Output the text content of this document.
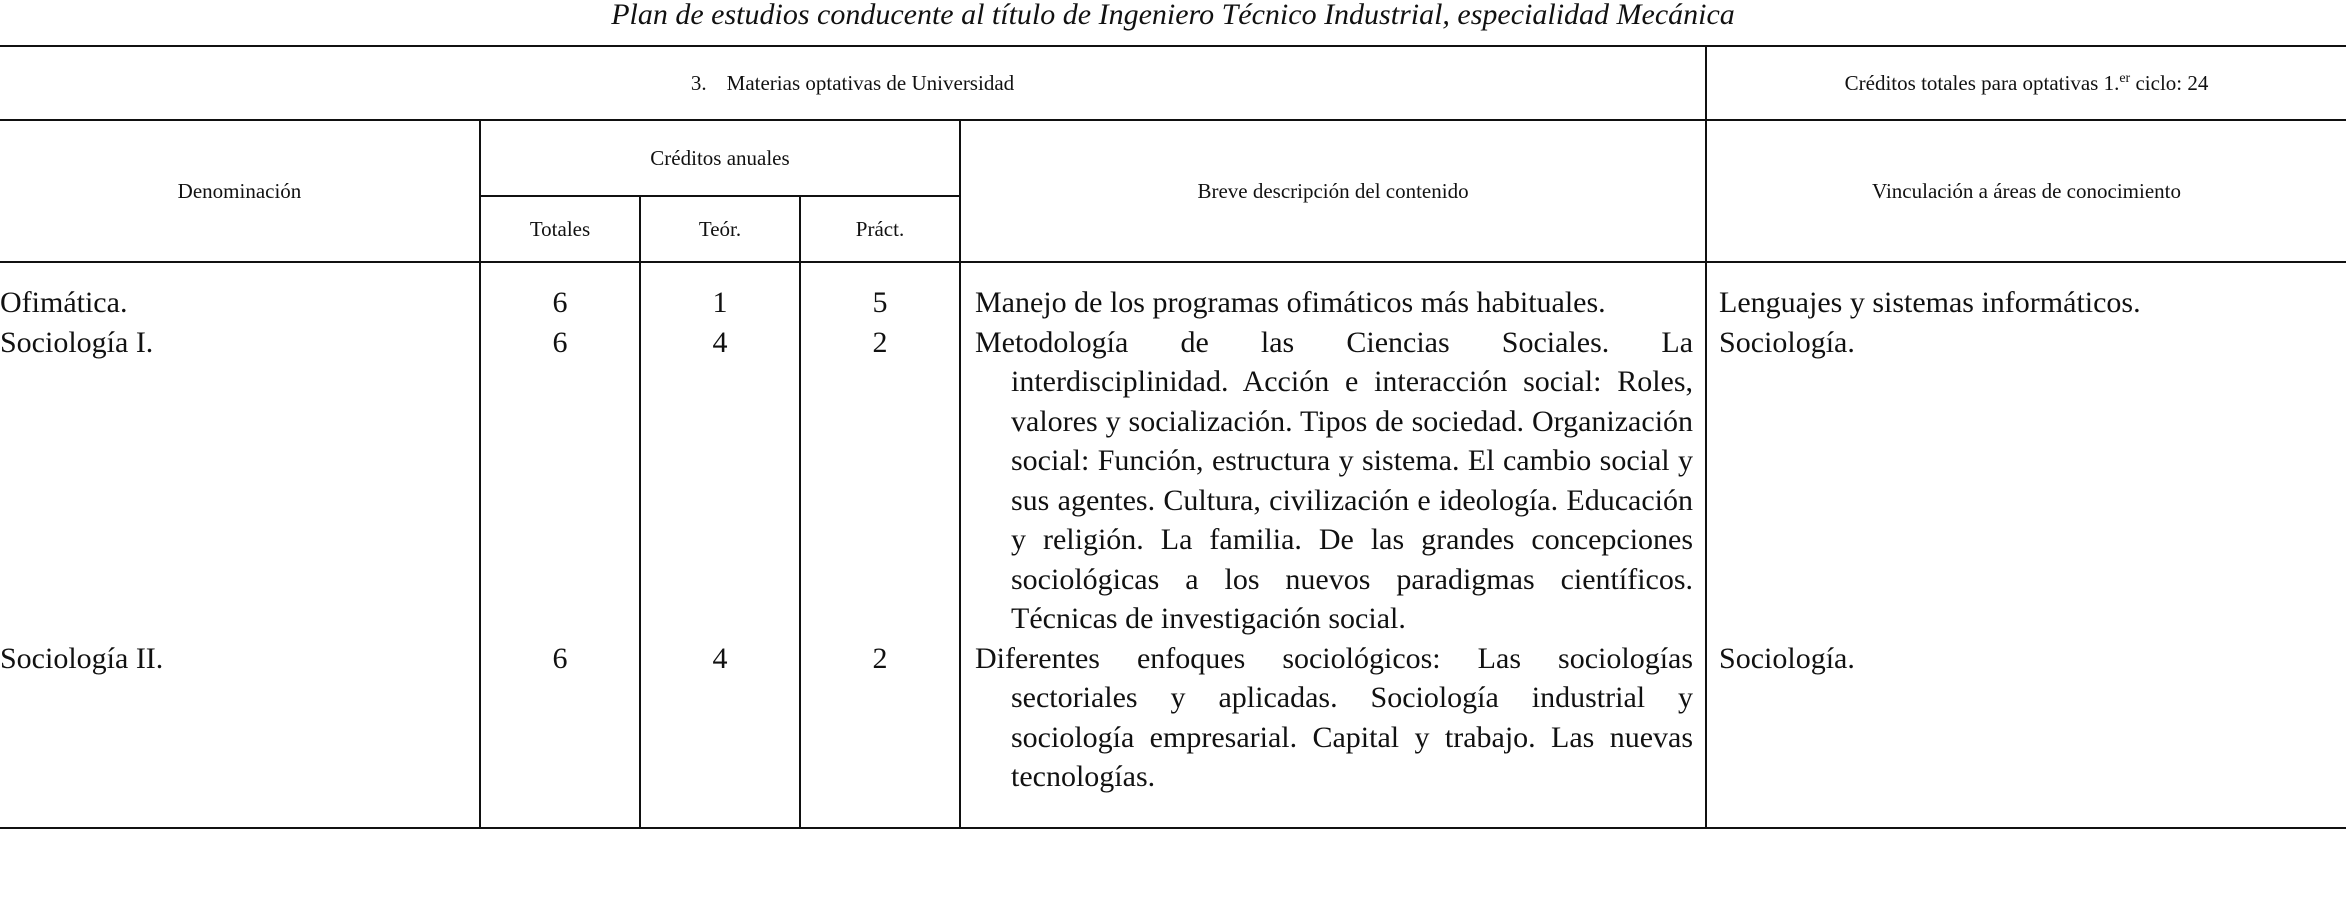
Plan de estudios conducente al título de Ingeniero Técnico Industrial, especialidad Mecánica
3. Materias optativas de Universidad					Créditos totales para optativas 1.$^{er}$ ciclo: 24
Denominación	Créditos anuales			Breve descripción del contenido	Vinculación a áreas de conocimiento
	Totales	Teór.	Práct.		
Ofimática.	6	1	5	Manejo de los programas ofimáticos más habituales.	Lenguajes y sistemas informáticos.
Sociología I.	6	4	2	Metodología de las Ciencias Sociales. La interdisciplinidad. Acción e interacción social: Roles, valores y socialización. Tipos de sociedad. Organización social: Función, estructura y sistema. El cambio social y sus agentes. Cultura, civilización e ideología. Educación y religión. La familia. De las grandes concepciones sociológicas a los nuevos paradigmas científicos. Técnicas de investigación social.	Sociología.
Sociología II.	6	4	2	Diferentes enfoques sociológicos: Las sociologías sectoriales y aplicadas. Sociología industrial y sociología empresarial. Capital y trabajo. Las nuevas tecnologías.	Sociología.
